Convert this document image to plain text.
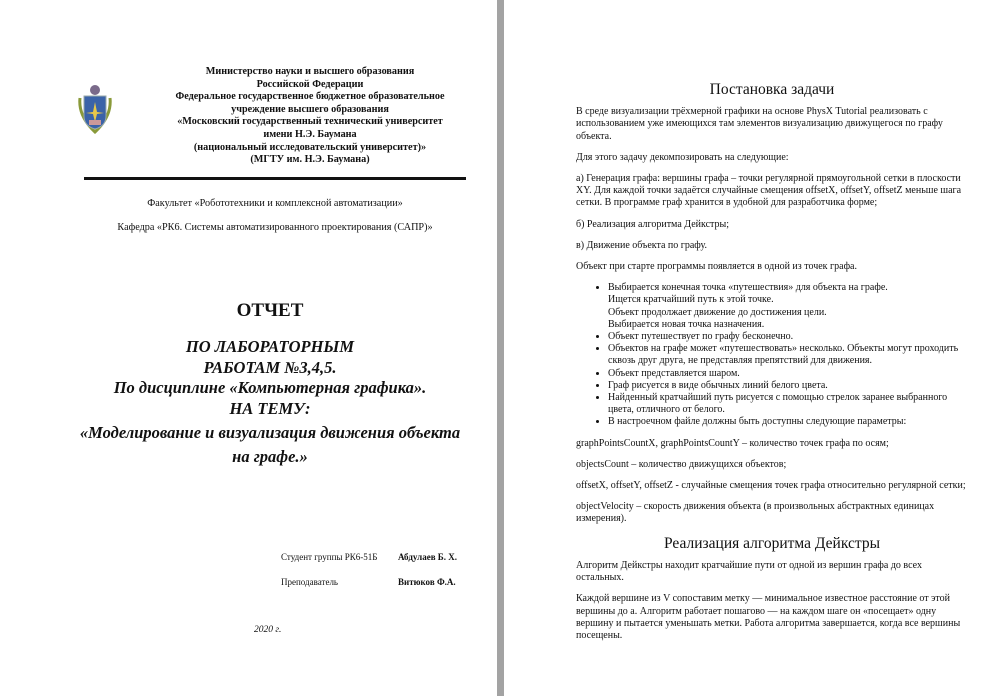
Министерство науки и высшего образования
Российской Федерации
Федеральное государственное бюджетное образовательное
учреждение высшего образования
«Московский государственный технический университет
имени Н.Э. Баумана
(национальный исследовательский университет)»
(МГТУ им. Н.Э. Баумана)
Факультет «Робототехники и комплексной автоматизации»
Кафедра «РК6. Системы автоматизированного проектирования (САПР)»
ОТЧЕТ
ПО ЛАБОРАТОРНЫМ
РАБОТАМ №3,4,5.
По дисциплине «Компьютерная графика».
НА ТЕМУ:
«Моделирование и визуализация движения объекта
на графе.»
Студент группы РК6-51Б Абдулаев Б. Х.
Преподаватель	Витюков Ф.А.
2020 г.
Постановка задачи

В среде визуализации трёхмерной графики на основе PhysX Tutorial реализовать с использованием уже имеющихся там элементов визуализацию движущегося по графу объекта.

Для этого задачу декомпозировать на следующие:

а) Генерация графа: вершины графа – точки регулярной прямоугольной сетки в плоскости XY. Для каждой точки задаётся случайные смещения offsetX, offsetY, offsetZ меньше шага сетки. В программе граф хранится в удобной для разработчика форме;

б) Реализация алгоритма Дейкстры;

в) Движение объекта по графу.

Объект при старте программы появляется в одной из точек графа.

• Выбирается конечная точка «путешествия» для объекта на графе.
Ищется кратчайший путь к этой точке.
Объект продолжает движение до достижения цели.
Выбирается новая точка назначения.
• Объект путешествует по графу бесконечно.
• Объектов на графе может «путешествовать» несколько. Объекты могут проходить сквозь друг друга, не представляя препятствий для движения.
• Объект представляется шаром.
• Граф рисуется в виде обычных линий белого цвета.
• Найденный кратчайший путь рисуется с помощью стрелок заранее выбранного цвета, отличного от белого.
• В настроечном файле должны быть доступны следующие параметры:

graphPointsCountX, graphPointsCountY – количество точек графа по осям;

objectsCount – количество движущихся объектов;

offsetX, offsetY, offsetZ - случайные смещения точек графа относительно регулярной сетки;

objectVelocity – скорость движения объекта (в произвольных абстрактных единицах измерения).

Реализация алгоритма Дейкстры

Алгоритм Дейкстры находит кратчайшие пути от одной из вершин графа до всех остальных.

Каждой вершине из V сопоставим метку — минимальное известное расстояние от этой вершины до a. Алгоритм работает пошагово — на каждом шаге он «посещает» одну вершину и пытается уменьшать метки. Работа алгоритма завершается, когда все вершины посещены.
